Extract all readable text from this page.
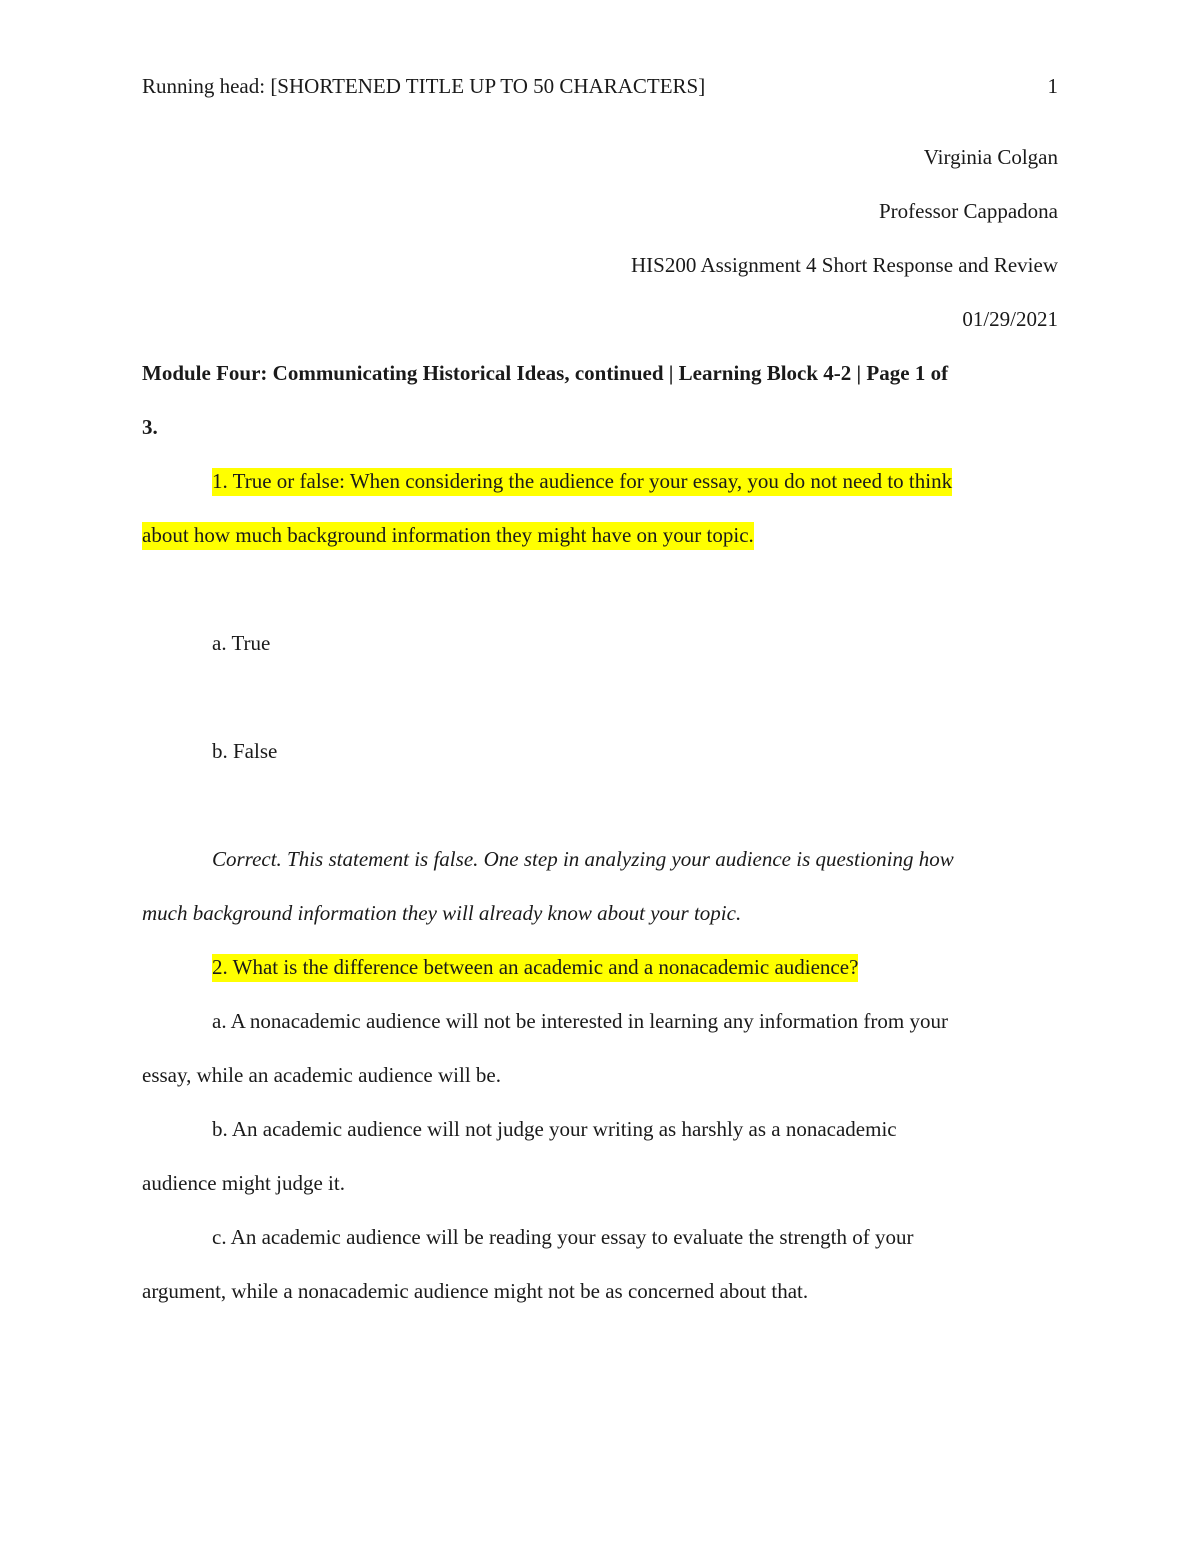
Running head: [SHORTENED TITLE UP TO 50 CHARACTERS]	1
Virginia Colgan
Professor Cappadona
HIS200 Assignment 4 Short Response and Review
01/29/2021
Module Four: Communicating Historical Ideas, continued | Learning Block 4-2 | Page 1 of
3.
1. True or false: When considering the audience for your essay, you do not need to think
about how much background information they might have on your topic.
a. True
b. False
Correct. This statement is false. One step in analyzing your audience is questioning how
much background information they will already know about your topic.
2. What is the difference between an academic and a nonacademic audience?
a. A nonacademic audience will not be interested in learning any information from your
essay, while an academic audience will be.
b. An academic audience will not judge your writing as harshly as a nonacademic
audience might judge it.
c. An academic audience will be reading your essay to evaluate the strength of your
argument, while a nonacademic audience might not be as concerned about that.
